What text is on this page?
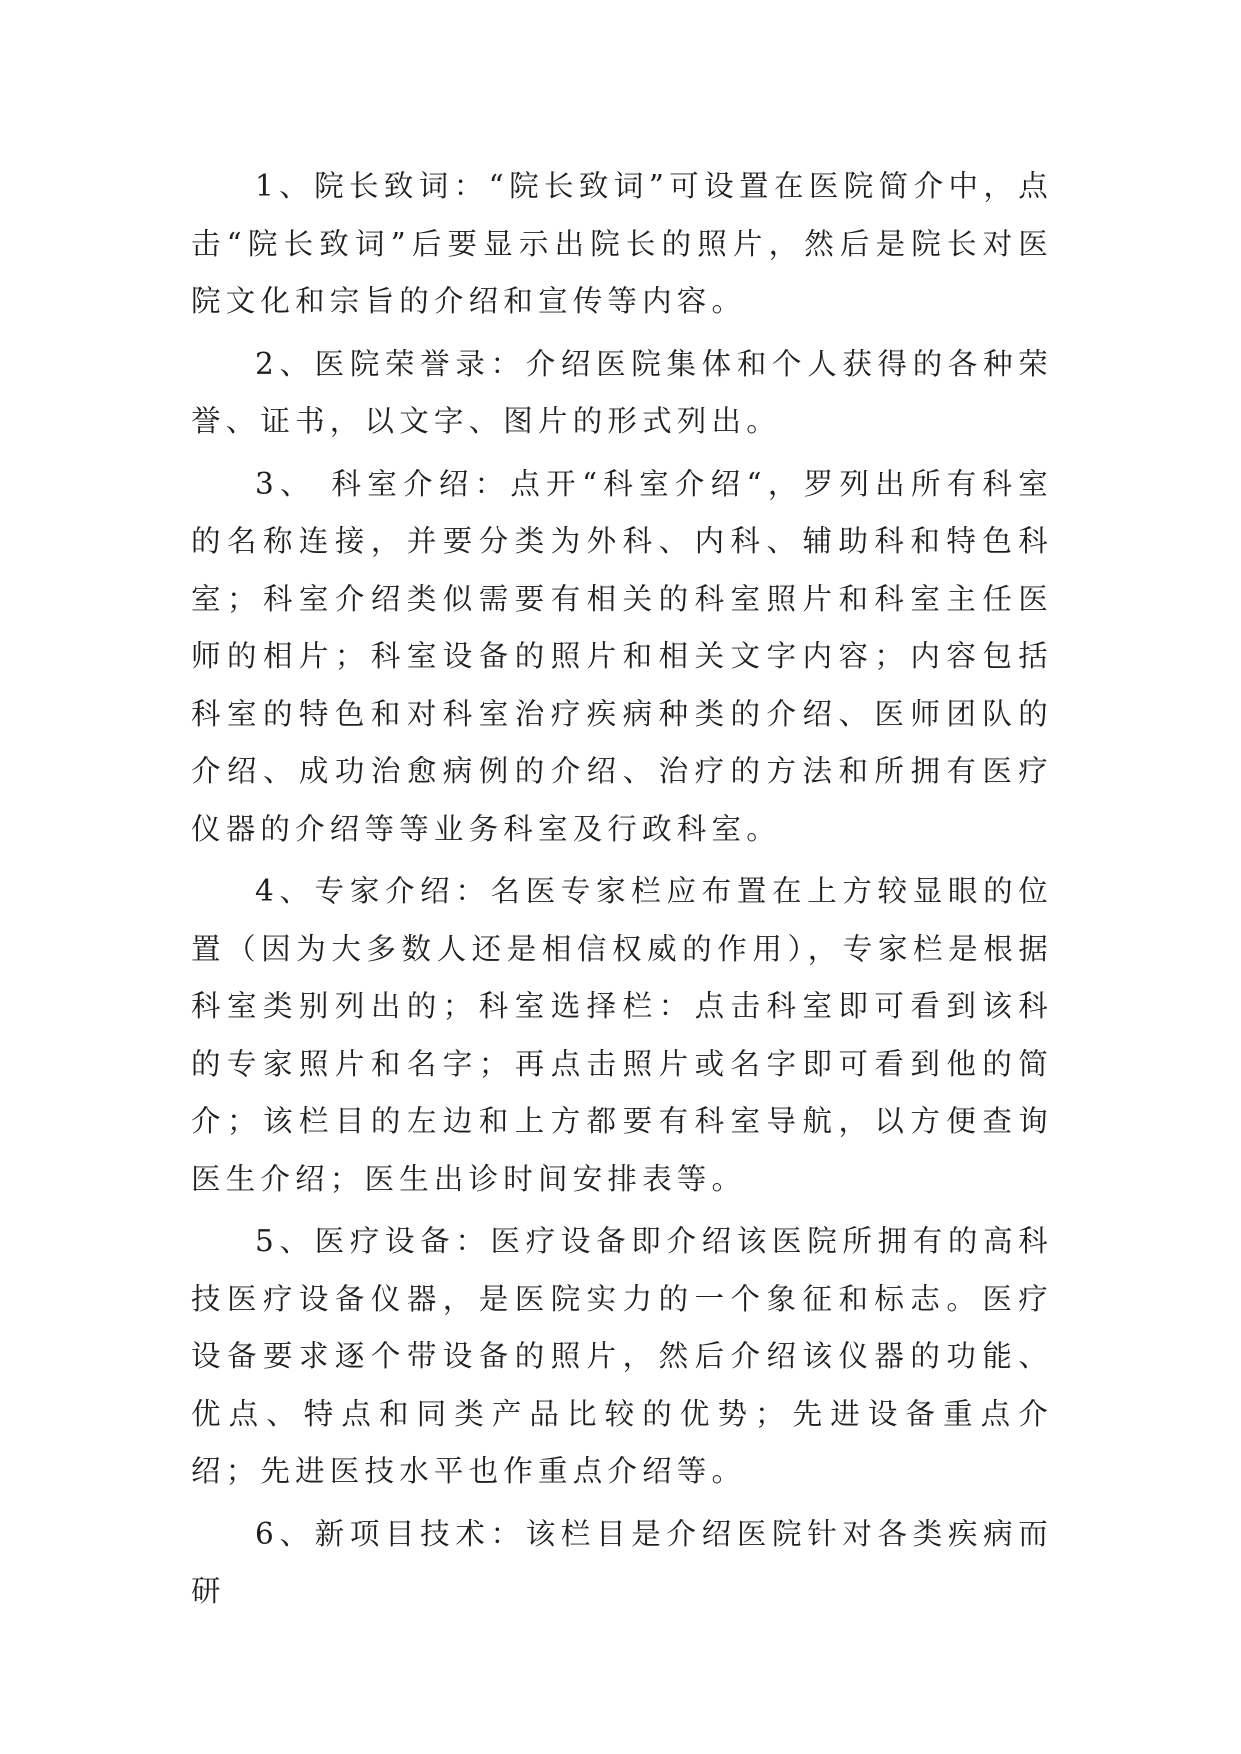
1、院长致词：“院长致词”可设置在医院简介中，点击“院长致词”后要显示出院长的照片，然后是院长对医院文化和宗旨的介绍和宣传等内容。

2、医院荣誉录：介绍医院集体和个人获得的各种荣誉、证书，以文字、图片的形式列出。

3、 科室介绍：点开“科室介绍“，罗列出所有科室的名称连接，并要分类为外科、内科、辅助科和特色科室；科室介绍类似需要有相关的科室照片和科室主任医师的相片；科室设备的照片和相关文字内容；内容包括科室的特色和对科室治疗疾病种类的介绍、医师团队的介绍、成功治愈病例的介绍、治疗的方法和所拥有医疗仪器的介绍等等业务科室及行政科室。

4、专家介绍：名医专家栏应布置在上方较显眼的位置（因为大多数人还是相信权威的作用），专家栏是根据科室类别列出的；科室选择栏：点击科室即可看到该科的专家照片和名字；再点击照片或名字即可看到他的简介；该栏目的左边和上方都要有科室导航，以方便查询医生介绍；医生出诊时间安排表等。

5、医疗设备：医疗设备即介绍该医院所拥有的高科技医疗设备仪器，是医院实力的一个象征和标志。医疗设备要求逐个带设备的照片，然后介绍该仪器的功能、优点、特点和同类产品比较的优势；先进设备重点介绍；先进医技水平也作重点介绍等。

6、新项目技术：该栏目是介绍医院针对各类疾病而研
